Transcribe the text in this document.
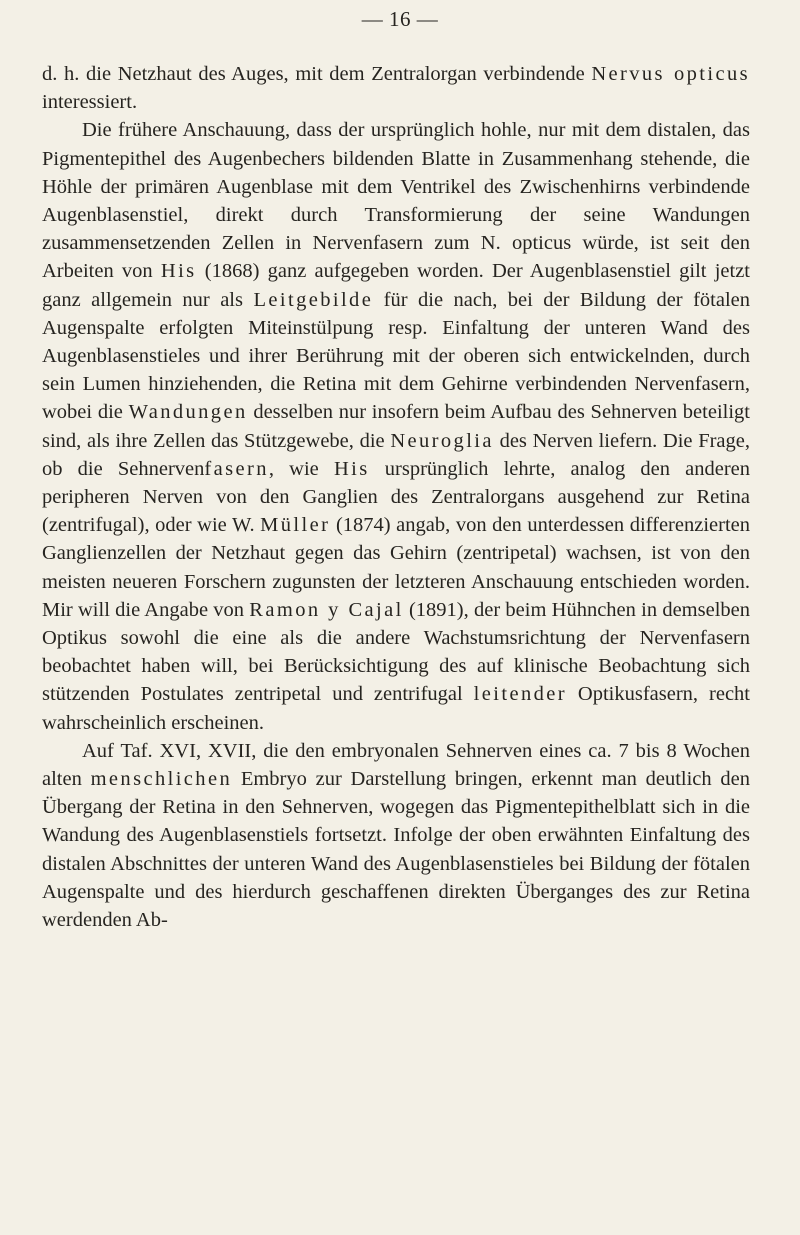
— 16 —

d. h. die Netzhaut des Auges, mit dem Zentralorgan verbindende Nervus opticus interessiert.

Die frühere Anschauung, dass der ursprünglich hohle, nur mit dem distalen, das Pigmentepithel des Augenbechers bildenden Blatte in Zusammenhang stehende, die Höhle der primären Augenblase mit dem Ventrikel des Zwischenhirns verbindende Augenblasenstiel, direkt durch Transformierung der seine Wandungen zusammensetzenden Zellen in Nervenfasern zum N. opticus würde, ist seit den Arbeiten von His (1868) ganz aufgegeben worden. Der Augenblasenstiel gilt jetzt ganz allgemein nur als Leitgebilde für die nach, bei der Bildung der fötalen Augenspalte erfolgten Miteinstülpung resp. Einfaltung der unteren Wand des Augenblasenstieles und ihrer Berührung mit der oberen sich entwickelnden, durch sein Lumen hinziehenden, die Retina mit dem Gehirne verbindenden Nervenfasern, wobei die Wandungen desselben nur insofern beim Aufbau des Sehnerven beteiligt sind, als ihre Zellen das Stützgewebe, die Neuroglia des Nerven liefern. Die Frage, ob die Sehnervenfasern, wie His ursprünglich lehrte, analog den anderen peripheren Nerven von den Ganglien des Zentralorgans ausgehend zur Retina (zentrifugal), oder wie W. Müller (1874) angab, von den unterdessen differenzierten Ganglienzellen der Netzhaut gegen das Gehirn (zentripetal) wachsen, ist von den meisten neueren Forschern zugunsten der letzteren Anschauung entschieden worden. Mir will die Angabe von Ramon y Cajal (1891), der beim Hühnchen in demselben Optikus sowohl die eine als die andere Wachstumsrichtung der Nervenfasern beobachtet haben will, bei Berücksichtigung des auf klinische Beobachtung sich stützenden Postulates zentripetal und zentrifugal leitender Optikusfasern, recht wahrscheinlich erscheinen.

Auf Taf. XVI, XVII, die den embryonalen Sehnerven eines ca. 7 bis 8 Wochen alten menschlichen Embryo zur Darstellung bringen, erkennt man deutlich den Übergang der Retina in den Sehnerven, wogegen das Pigmentepithelblatt sich in die Wandung des Augenblasenstiels fortsetzt. Infolge der oben erwähnten Einfaltung des distalen Abschnittes der unteren Wand des Augenblasenstieles bei Bildung der fötalen Augenspalte und des hierdurch geschaffenen direkten Überganges des zur Retina werdenden Ab-
